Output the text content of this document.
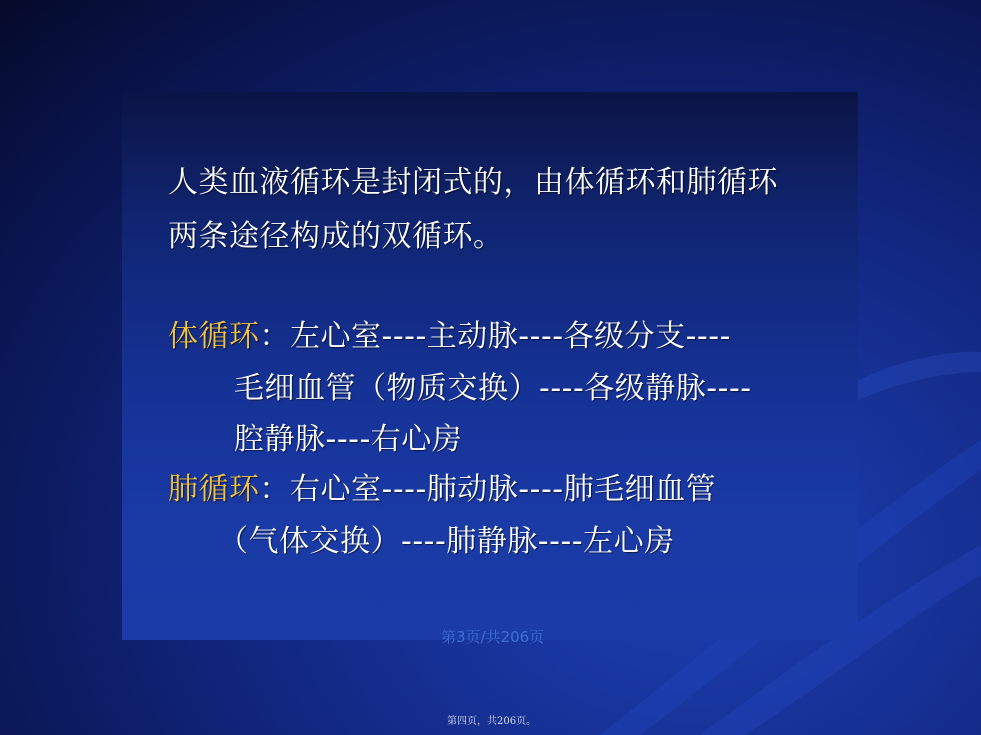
人类血液循环是封闭式的，由体循环和肺循环
两条途径构成的双循环。
体循环：左心室----主动脉----各级分支----
毛细血管（物质交换）----各级静脉----
腔静脉----右心房
肺循环：右心室----肺动脉----肺毛细血管
（气体交换）----肺静脉----左心房
第3页/共206页
第四页，共206页。
